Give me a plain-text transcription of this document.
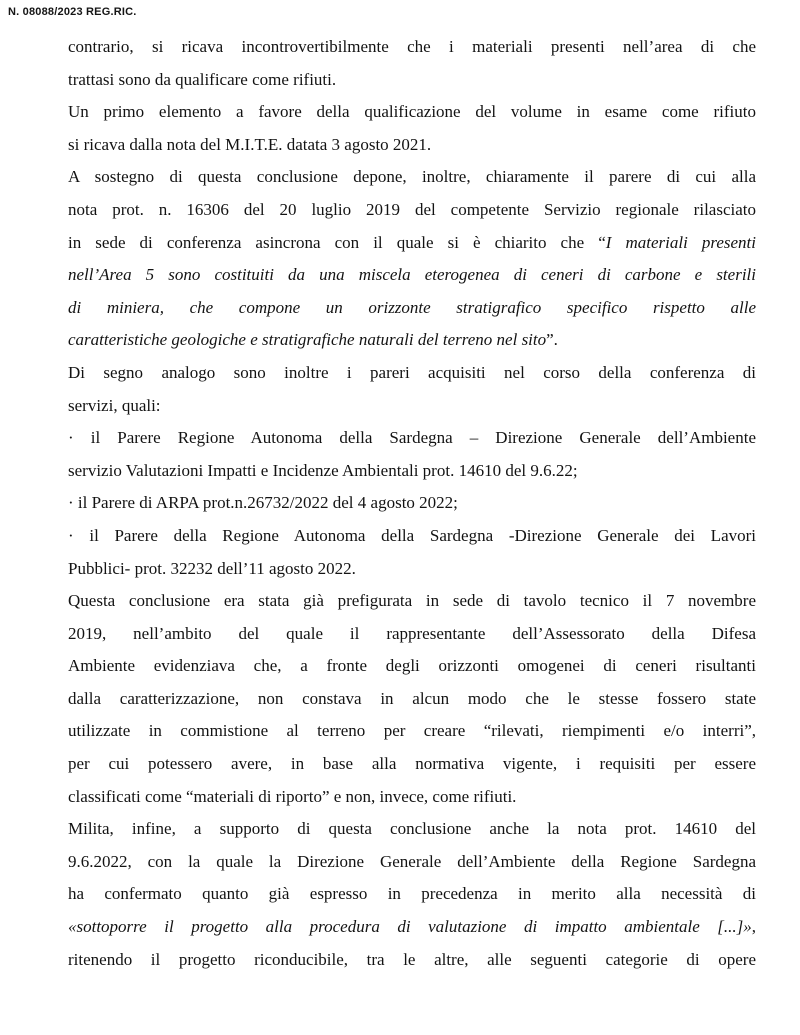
N. 08088/2023 REG.RIC.
contrario, si ricava incontrovertibilmente che i materiali presenti nell’area di che
trattasi sono da qualificare come rifiuti.
Un primo elemento a favore della qualificazione del volume in esame come rifiuto
si ricava dalla nota del M.I.T.E. datata 3 agosto 2021.
A sostegno di questa conclusione depone, inoltre, chiaramente il parere di cui alla
nota prot. n. 16306 del 20 luglio 2019 del competente Servizio regionale rilasciato
in sede di conferenza asincrona con il quale si è chiarito che “I materiali presenti
nell’Area 5 sono costituiti da una miscela eterogenea di ceneri di carbone e sterili
di miniera, che compone un orizzonte stratigrafico specifico rispetto alle
caratteristiche geologiche e stratigrafiche naturali del terreno nel sito”.
Di segno analogo sono inoltre i pareri acquisiti nel corso della conferenza di
servizi, quali:
· il Parere Regione Autonoma della Sardegna – Direzione Generale dell’Ambiente
servizio Valutazioni Impatti e Incidenze Ambientali prot. 14610 del 9.6.22;
· il Parere di ARPA prot.n.26732/2022 del 4 agosto 2022;
· il Parere della Regione Autonoma della Sardegna -Direzione Generale dei Lavori
Pubblici- prot. 32232 dell’11 agosto 2022.
Questa conclusione era stata già prefigurata in sede di tavolo tecnico il 7 novembre
2019, nell’ambito del quale il rappresentante dell’Assessorato della Difesa
Ambiente evidenziava che, a fronte degli orizzonti omogenei di ceneri risultanti
dalla caratterizzazione, non constava in alcun modo che le stesse fossero state
utilizzate in commistione al terreno per creare “rilevati, riempimenti e/o interri”,
per cui potessero avere, in base alla normativa vigente, i requisiti per essere
classificati come “materiali di riporto” e non, invece, come rifiuti.
Milita, infine, a supporto di questa conclusione anche la nota prot. 14610 del
9.6.2022, con la quale la Direzione Generale dell’Ambiente della Regione Sardegna
ha confermato quanto già espresso in precedenza in merito alla necessità di
«sottoporre il progetto alla procedura di valutazione di impatto ambientale [...]»,
ritenendo il progetto riconducibile, tra le altre, alle seguenti categorie di opere
